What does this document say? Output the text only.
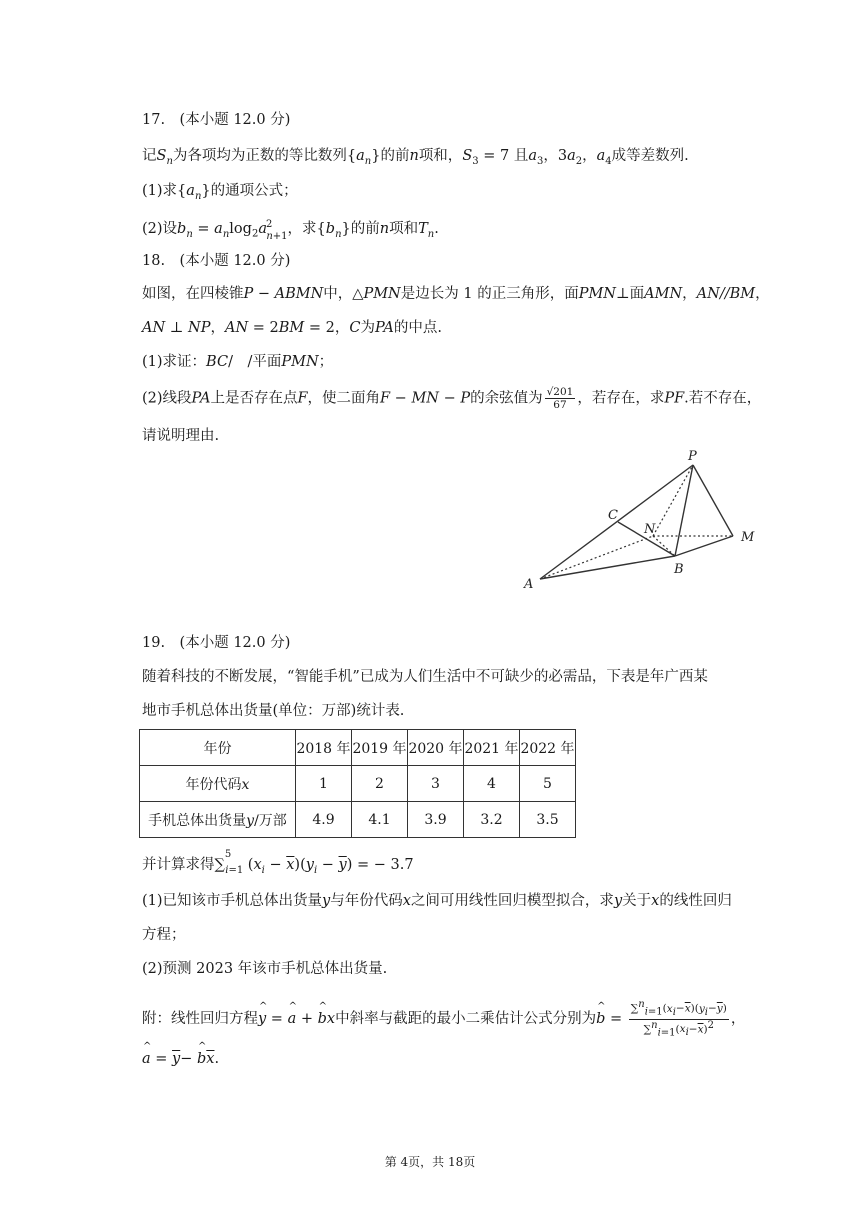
17.　(本小题 12.0 分)
记$S_n$为各项均为正数的等比数列$\{a_n\}$的前n项和，$S_3 = 7$ 且$a_3$，$3a_2$，$a_4$成等差数列.
(1)求$\{a_n\}$的通项公式；
(2)设$b_n = a_n\log_2a^2_{n+1}$，求$\{b_n\}$的前n项和$T_n$.
18.　(本小题 12.0 分)
如图，在四棱锥P − ABMN中，△PMN是边长为 1 的正三角形，面PMN⊥面AMN，AN//BM，
AN ⊥ NP，AN = 2BM = 2，C为PA的中点.
(1)求证：BC/　/平面PMN；
(2)线段PA上是否存在点F，使二面角F − MN − P的余弦值为 $\frac{√201}{67}$ ，若存在，求PF.若不存在，
请说明理由.
P
C
N
M
B
A
19.　(本小题 12.0 分)
随着科技的不断发展，“智能手机”已成为人们生活中不可缺少的必需品，下表是年广西某
地市手机总体出货量(单位：万部)统计表.
年份	2018 年	2019 年	2020 年	2021 年	2022 年
年份代码x	1	2	3	4	5
手机总体出货量y/万部	4.9	4.1	3.9	3.2	3.5
并计算求得∑$^5_{i=1}$ $(x_i - \overline{x})(y_i - \overline{y})$ = − 3.7
(1)已知该市手机总体出货量y与年份代码x之间可用线性回归模型拟合，求y关于x的线性回归
方程；
(2)预测 2023 年该市手机总体出货量.
附：线性回归方程^ y = ^ a + ^ bx中斜率与截距的最小二乘估计公式分别为^ $b = \frac{\sum^n_{i=1}(x_i-\overline{x})(y_i-\overline{y})}{\sum^n_{i=1}(x_i-\overline{x})^2}$ ，
^ $a = \overline{y}-$ ^ $b\overline{x}$.
第 4页，共 18页
